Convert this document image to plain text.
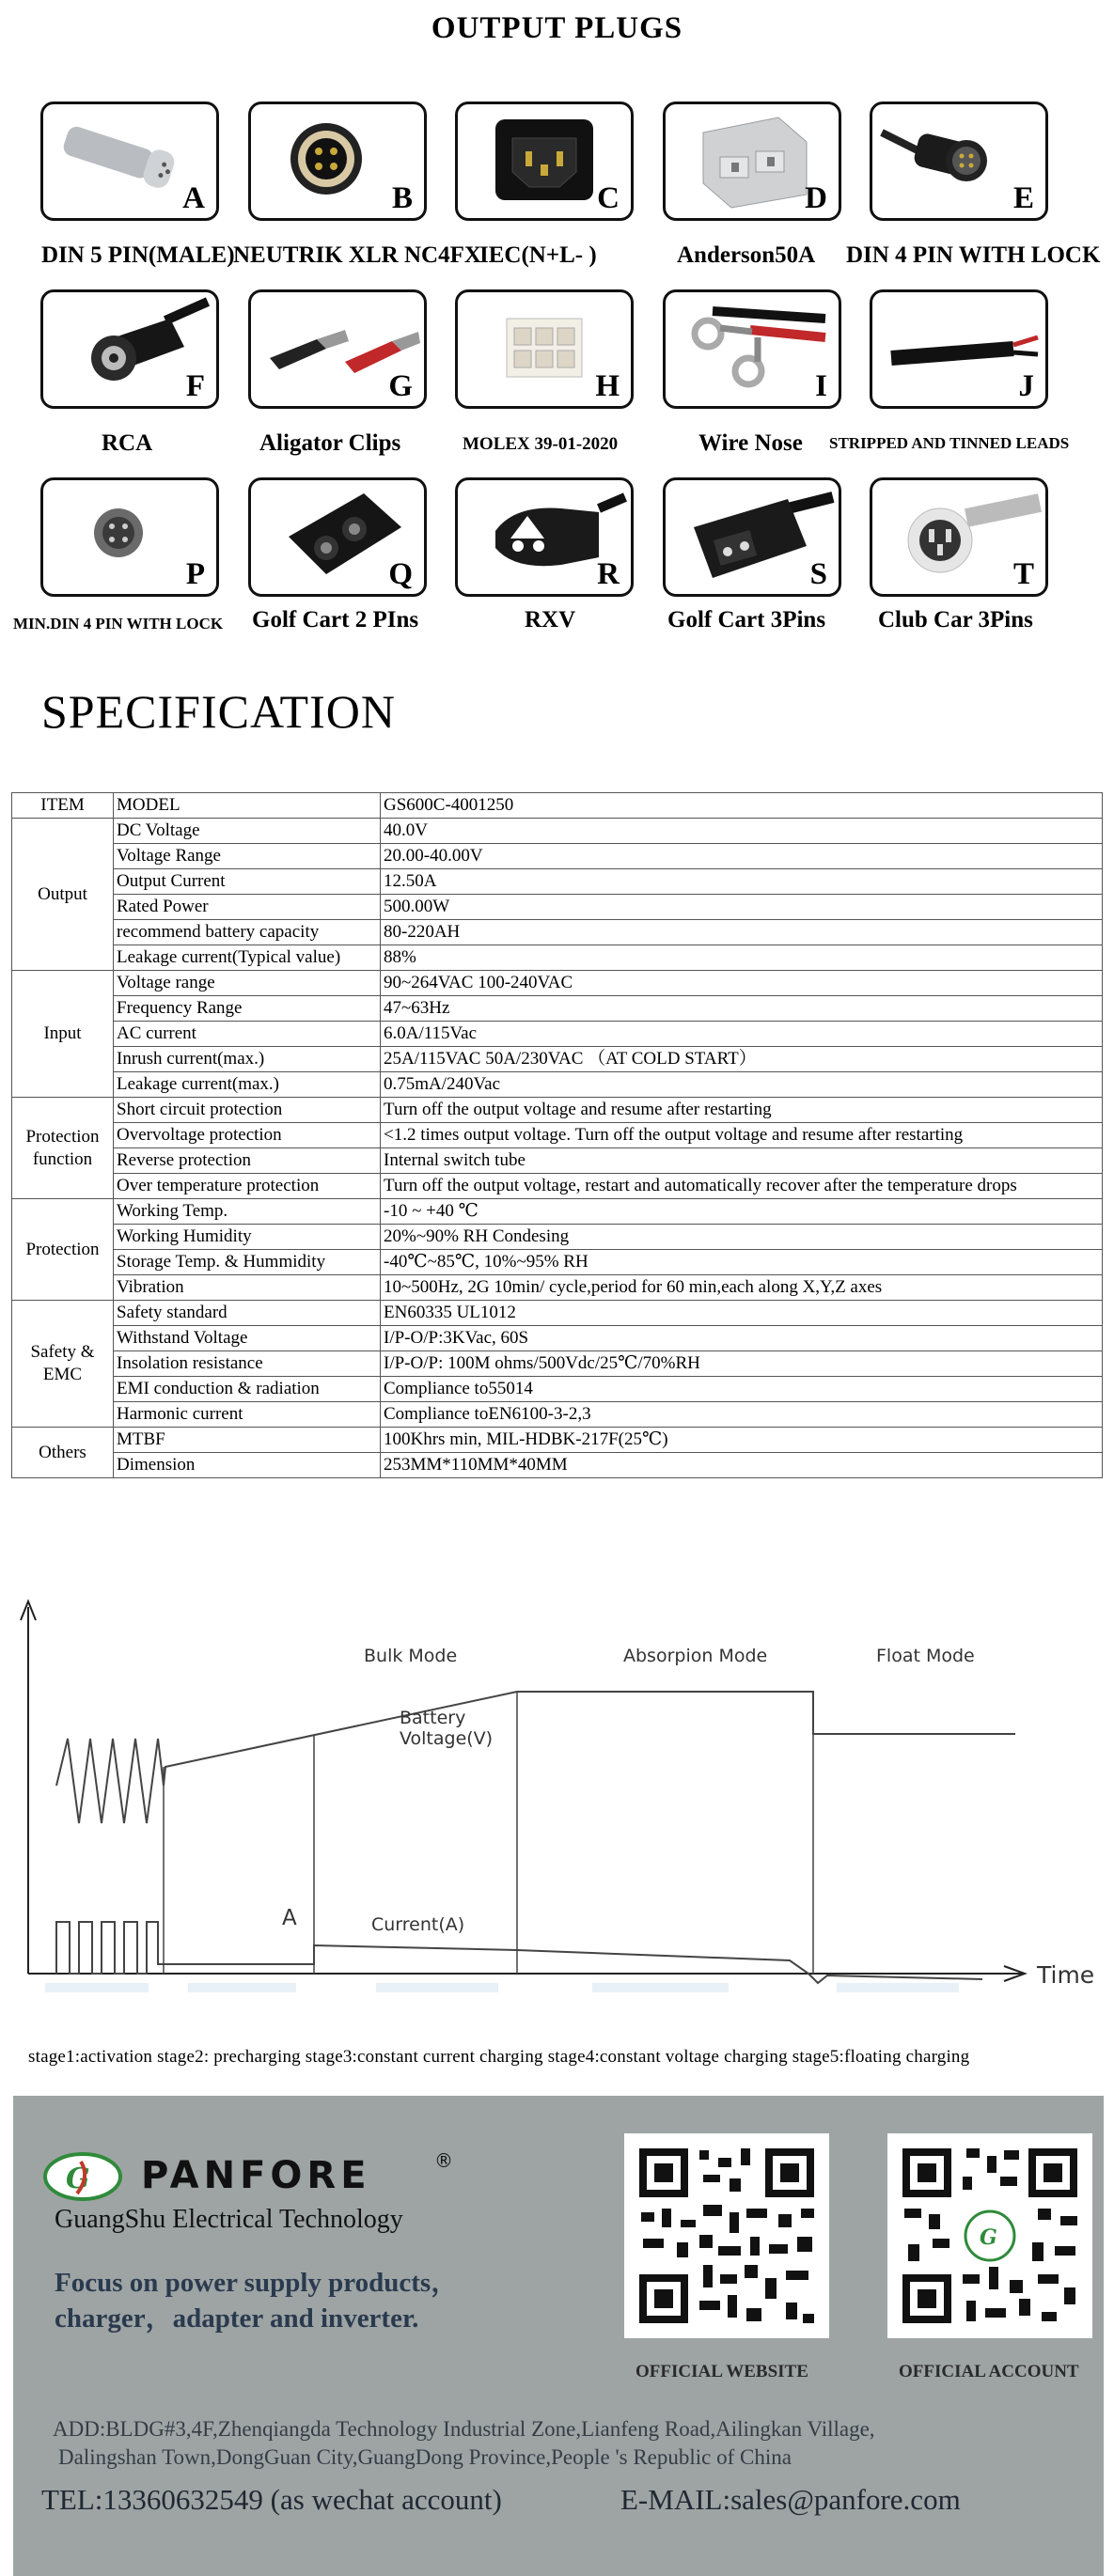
OUTPUT PLUGS
A	B	C	D	E
DIN 5 PIN(MALE)
NEUTRIK XLR NC4FX
IEC(N+L- )	Anderson50A DIN 4 PIN WITH LOCK
F	G	H	I	J
RCA	Aligator Clips	MOLEX 39-01-2020	Wire Nose STRIPPED AND TINNED LEADS
P	Q	R	S	T
MIN.DIN 4 PIN WITH LOCK Golf Cart 2 PIns	RXV	Golf Cart 3Pins Club Car 3Pins
SPECIFICATION
ITEM	MODEL	GS600C-4001250
Output	DC Voltage	40.0V
	Voltage Range	20.00-40.00V
	Output Current	12.50A
	Rated Power	500.00W
	recommend battery capacity	80-220AH
	Leakage current(Typical value)	88%
Input	Voltage range	90~264VAC 100-240VAC
	Frequency Range	47~63Hz
	AC current	6.0A/115Vac
	Inrush current(max.)	25A/115VAC 50A/230VAC （AT COLD START）
	Leakage current(max.)	0.75mA/240Vac
Protection function	Short circuit protection	Turn off the output voltage and resume after restarting
	Overvoltage protection	<1.2 times output voltage. Turn off the output voltage and resume after restarting
	Reverse protection	Internal switch tube
	Over temperature protection	Turn off the output voltage, restart and automatically recover after the temperature drops
Protection	Working Temp.	-10 ~ +40 ℃
	Working Humidity	20%~90% RH Condesing
	Storage Temp. & Hummidity	-40℃~85℃, 10%~95% RH
	Vibration	10~500Hz, 2G 10min/ cycle,period for 60 min,each along X,Y,Z axes
Safety & EMC	Safety standard	EN60335 UL1012
	Withstand Voltage	I/P-O/P:3KVac, 60S
	Insolation resistance	I/P-O/P: 100M ohms/500Vdc/25℃/70%RH
	EMI conduction & radiation	Compliance to55014
	Harmonic current	Compliance toEN6100-3-2,3
Others	MTBF	100Khrs min, MIL-HDBK-217F(25℃)
	Dimension	253MM*110MM*40MM
Bulk Mode	Absorpion Mode	Float Mode
Battery
Voltage(V)
Current(A)
A
Time
stage1:activation stage2: precharging stage3:constant current charging stage4:constant voltage charging stage5:floating charging
G PANFORE	®
GuangShu Electrical Technology
Focus on power supply products，
charger，adapter and inverter.
OFFICIAL WEBSITE
G
OFFICIAL ACCOUNT
ADD:BLDG#3,4F,Zhenqiangda Technology Industrial Zone,Lianfeng Road,Ailingkan Village,
Dalingshan Town,DongGuan City,GuangDong Province,People 's Republic of China
TEL:13360632549 (as wechat account)	E-MAIL:sales@panfore.com
